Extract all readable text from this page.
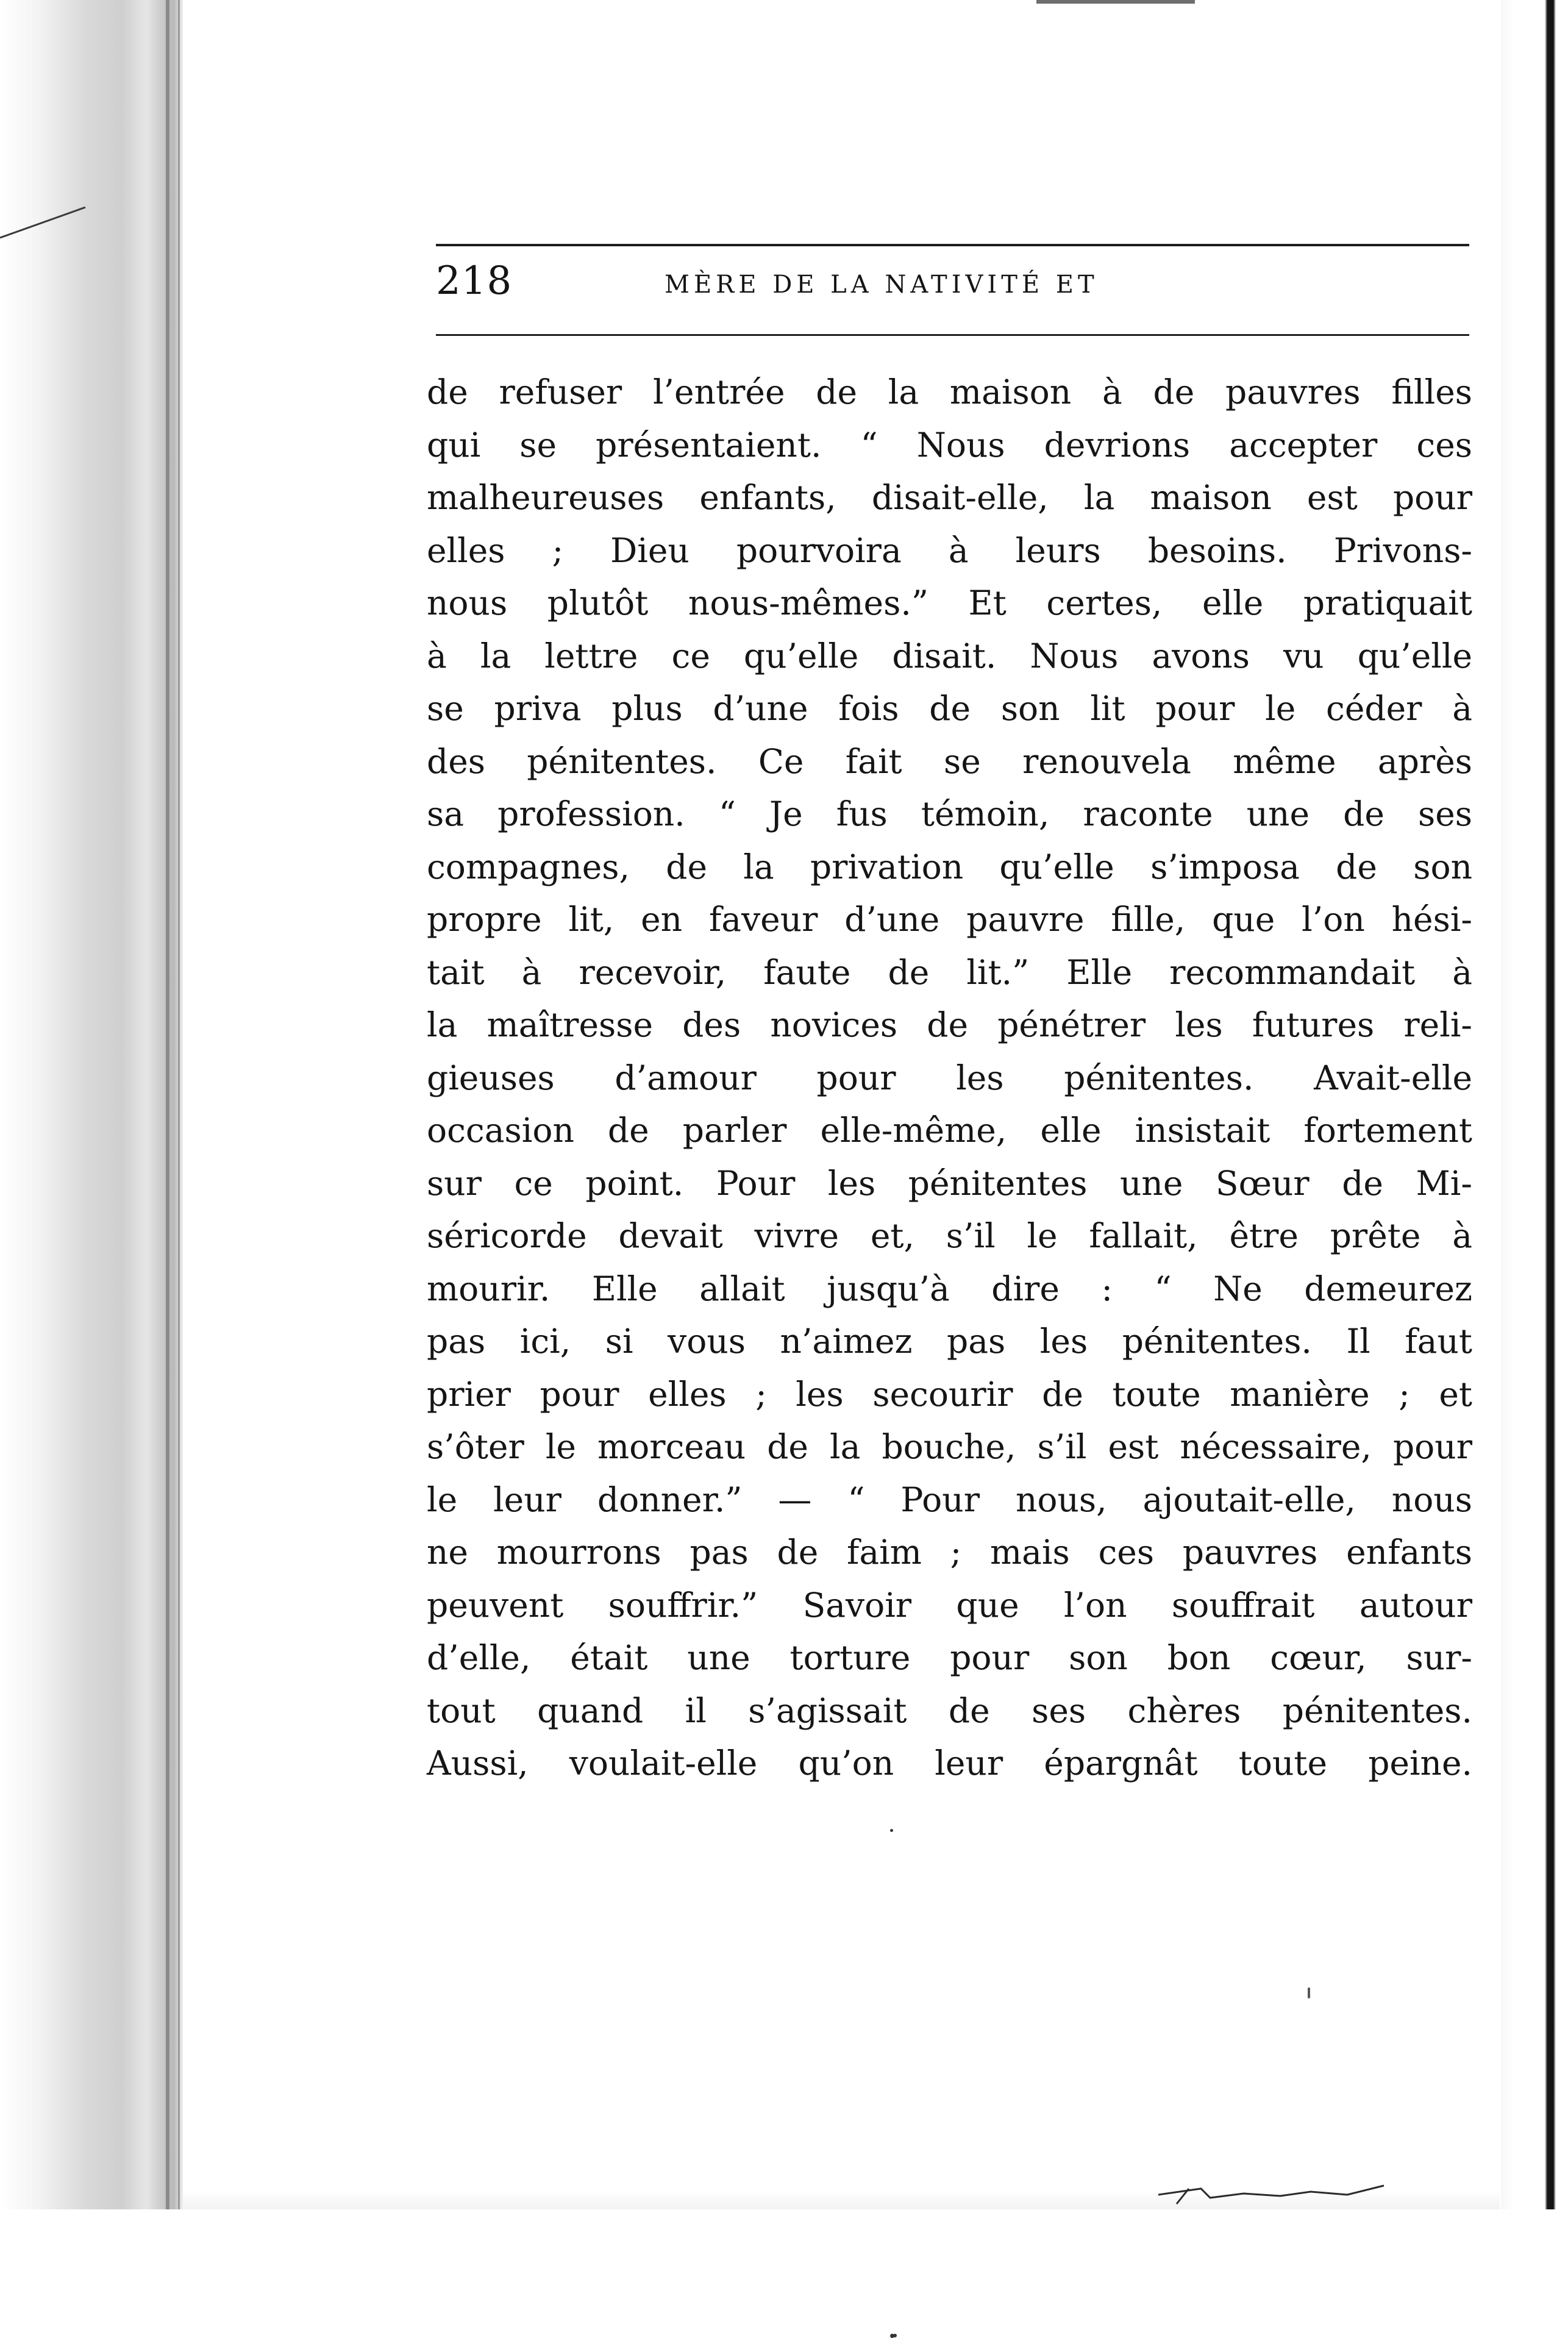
218	MÈRE DE LA NATIVITÉ ET
de refuser l’entrée de la maison à de pauvres filles
qui se présentaient. “ Nous devrions accepter ces
malheureuses enfants, disait-elle, la maison est pour
elles ; Dieu pourvoira à leurs besoins. Privons-
nous plutôt nous-mêmes.” Et certes, elle pratiquait
à la lettre ce qu’elle disait. Nous avons vu qu’elle
se priva plus d’une fois de son lit pour le céder à
des pénitentes. Ce fait se renouvela même après
sa profession. “ Je fus témoin, raconte une de ses
compagnes, de la privation qu’elle s’imposa de son
propre lit, en faveur d’une pauvre fille, que l’on hési-
tait à recevoir, faute de lit.” Elle recommandait à
la maîtresse des novices de pénétrer les futures reli-
gieuses d’amour pour les pénitentes. Avait-elle
occasion de parler elle-même, elle insistait fortement
sur ce point. Pour les pénitentes une Sœur de Mi-
séricorde devait vivre et, s’il le fallait, être prête à
mourir. Elle allait jusqu’à dire : “ Ne demeurez
pas ici, si vous n’aimez pas les pénitentes. Il faut
prier pour elles ; les secourir de toute manière ; et
s’ôter le morceau de la bouche, s’il est nécessaire, pour
le leur donner.” — “ Pour nous, ajoutait-elle, nous
ne mourrons pas de faim ; mais ces pauvres enfants
peuvent souffrir.” Savoir que l’on souffrait autour
d’elle, était une torture pour son bon cœur, sur-
tout quand il s’agissait de ses chères pénitentes.
Aussi, voulait-elle qu’on leur épargnât toute peine.
